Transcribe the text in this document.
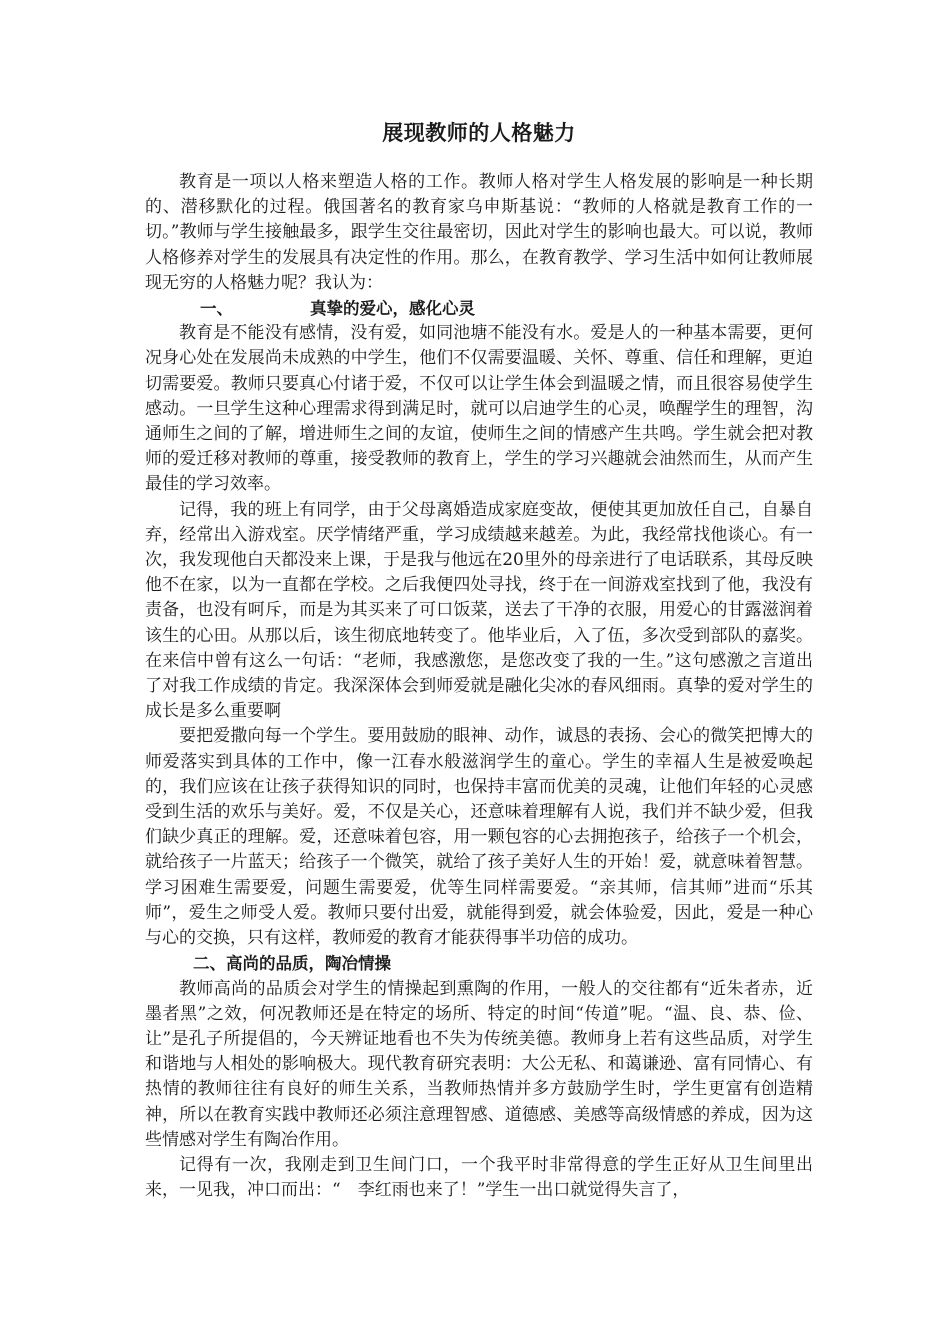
展现教师的人格魅力

教育是一项以人格来塑造人格的工作。教师人格对学生人格发展的影响是一种长期的、潜移默化的过程。俄国著名的教育家乌申斯基说：“教师的人格就是教育工作的一切。”教师与学生接触最多，跟学生交往最密切，因此对学生的影响也最大。可以说，教师人格修养对学生的发展具有决定性的作用。那么，在教育教学、学习生活中如何让教师展现无穷的人格魅力呢？我认为：

一、	真挚的爱心，感化心灵

教育是不能没有感情，没有爱，如同池塘不能没有水。爱是人的一种基本需要，更何况身心处在发展尚未成熟的中学生，他们不仅需要温暖、关怀、尊重、信任和理解，更迫切需要爱。教师只要真心付诸于爱，不仅可以让学生体会到温暖之情，而且很容易使学生感动。一旦学生这种心理需求得到满足时，就可以启迪学生的心灵，唤醒学生的理智，沟通师生之间的了解，增进师生之间的友谊，使师生之间的情感产生共鸣。学生就会把对教师的爱迁移对教师的尊重，接受教师的教育上，学生的学习兴趣就会油然而生，从而产生最佳的学习效率。

记得，我的班上有同学，由于父母离婚造成家庭变故，便使其更加放任自己，自暴自弃，经常出入游戏室。厌学情绪严重，学习成绩越来越差。为此，我经常找他谈心。有一次，我发现他白天都没来上课，于是我与他远在20里外的母亲进行了电话联系，其母反映他不在家，以为一直都在学校。之后我便四处寻找，终于在一间游戏室找到了他，我没有责备，也没有呵斥，而是为其买来了可口饭菜，送去了干净的衣服，用爱心的甘露滋润着该生的心田。从那以后，该生彻底地转变了。他毕业后，入了伍，多次受到部队的嘉奖。在来信中曾有这么一句话：“老师，我感激您，是您改变了我的一生。”这句感激之言道出了对我工作成绩的肯定。我深深体会到师爱就是融化尖冰的春风细雨。真挚的爱对学生的成长是多么重要啊

要把爱撒向每一个学生。要用鼓励的眼神、动作，诚恳的表扬、会心的微笑把博大的师爱落实到具体的工作中，像一江春水般滋润学生的童心。学生的幸福人生是被爱唤起的，我们应该在让孩子获得知识的同时，也保持丰富而优美的灵魂，让他们年轻的心灵感受到生活的欢乐与美好。爱，不仅是关心，还意味着理解有人说，我们并不缺少爱，但我们缺少真正的理解。爱，还意味着包容，用一颗包容的心去拥抱孩子，给孩子一个机会，就给孩子一片蓝天；给孩子一个微笑，就给了孩子美好人生的开始！爱，就意味着智慧。学习困难生需要爱，问题生需要爱，优等生同样需要爱。“亲其师，信其师”进而“乐其师”，爱生之师受人爱。教师只要付出爱，就能得到爱，就会体验爱，因此，爱是一种心与心的交换，只有这样，教师爱的教育才能获得事半功倍的成功。

二、高尚的品质，陶冶情操

教师高尚的品质会对学生的情操起到熏陶的作用，一般人的交往都有“近朱者赤，近墨者黑”之效，何况教师还是在特定的场所、特定的时间“传道”呢。“温、良、恭、俭、让”是孔子所提倡的，今天辨证地看也不失为传统美德。教师身上若有这些品质，对学生和谐地与人相处的影响极大。现代教育研究表明：大公无私、和蔼谦逊、富有同情心、有热情的教师往往有良好的师生关系，当教师热情并多方鼓励学生时，学生更富有创造精神，所以在教育实践中教师还必须注意理智感、道德感、美感等高级情感的养成，因为这些情感对学生有陶冶作用。

记得有一次，我刚走到卫生间门口，一个我平时非常得意的学生正好从卫生间里出来，一见我，冲口而出：“　李红雨也来了！”学生一出口就觉得失言了，
